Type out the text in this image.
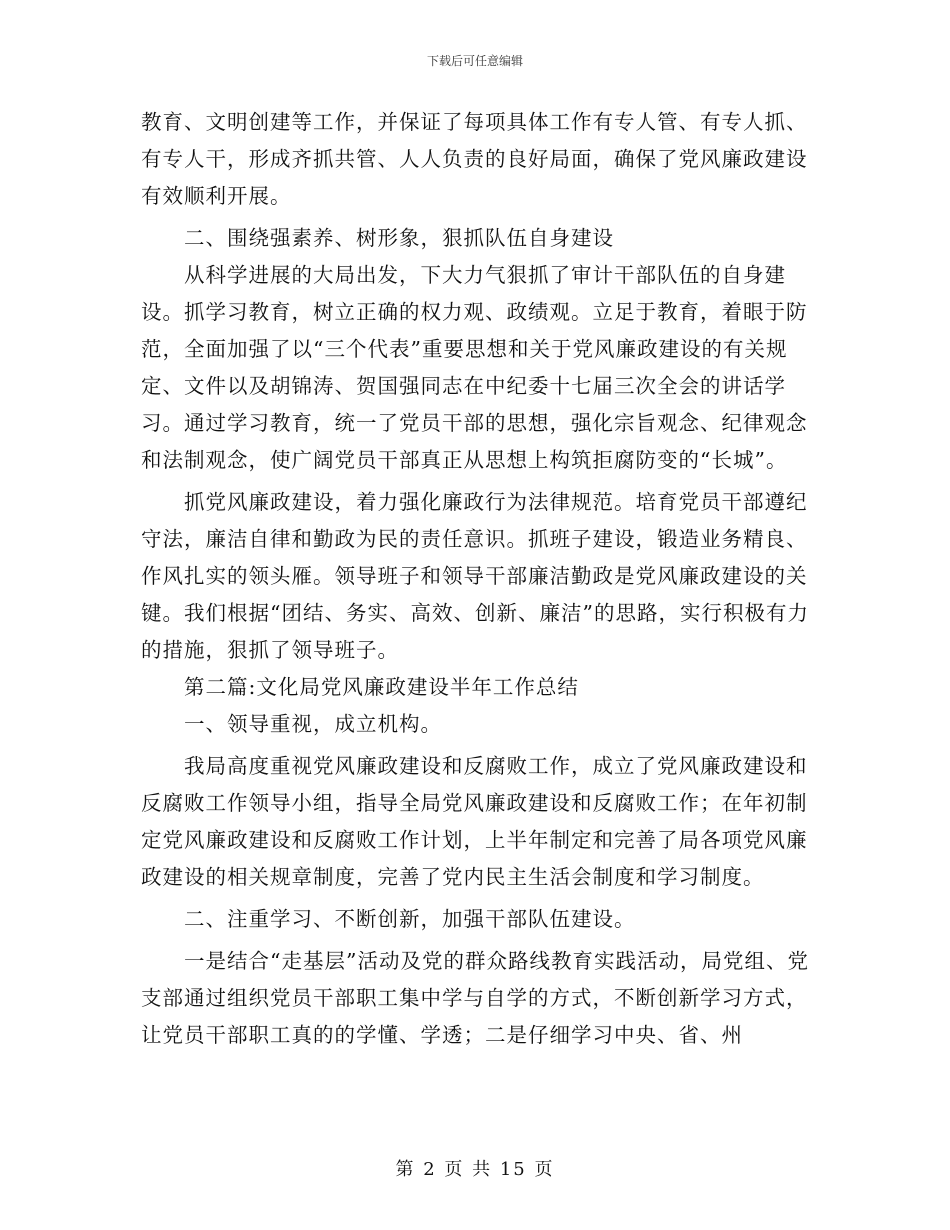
下载后可任意编辑

教育、文明创建等工作，并保证了每项具体工作有专人管、有专人抓、有专人干，形成齐抓共管、人人负责的良好局面，确保了党风廉政建设有效顺利开展。

二、围绕强素养、树形象，狠抓队伍自身建设

从科学进展的大局出发，下大力气狠抓了审计干部队伍的自身建设。抓学习教育，树立正确的权力观、政绩观。立足于教育，着眼于防范，全面加强了以“三个代表”重要思想和关于党风廉政建设的有关规定、文件以及胡锦涛、贺国强同志在中纪委十七届三次全会的讲话学习。通过学习教育，统一了党员干部的思想，强化宗旨观念、纪律观念和法制观念，使广阔党员干部真正从思想上构筑拒腐防变的“长城”。

抓党风廉政建设，着力强化廉政行为法律规范。培育党员干部遵纪守法，廉洁自律和勤政为民的责任意识。抓班子建设，锻造业务精良、作风扎实的领头雁。领导班子和领导干部廉洁勤政是党风廉政建设的关键。我们根据“团结、务实、高效、创新、廉洁”的思路，实行积极有力的措施，狠抓了领导班子。

第二篇:文化局党风廉政建设半年工作总结

一、领导重视，成立机构。

我局高度重视党风廉政建设和反腐败工作，成立了党风廉政建设和反腐败工作领导小组，指导全局党风廉政建设和反腐败工作；在年初制定党风廉政建设和反腐败工作计划，上半年制定和完善了局各项党风廉政建设的相关规章制度，完善了党内民主生活会制度和学习制度。

二、注重学习、不断创新，加强干部队伍建设。

一是结合“走基层”活动及党的群众路线教育实践活动，局党组、党支部通过组织党员干部职工集中学与自学的方式，不断创新学习方式，让党员干部职工真的的学懂、学透；二是仔细学习中央、省、州

第 2 页 共 15 页
